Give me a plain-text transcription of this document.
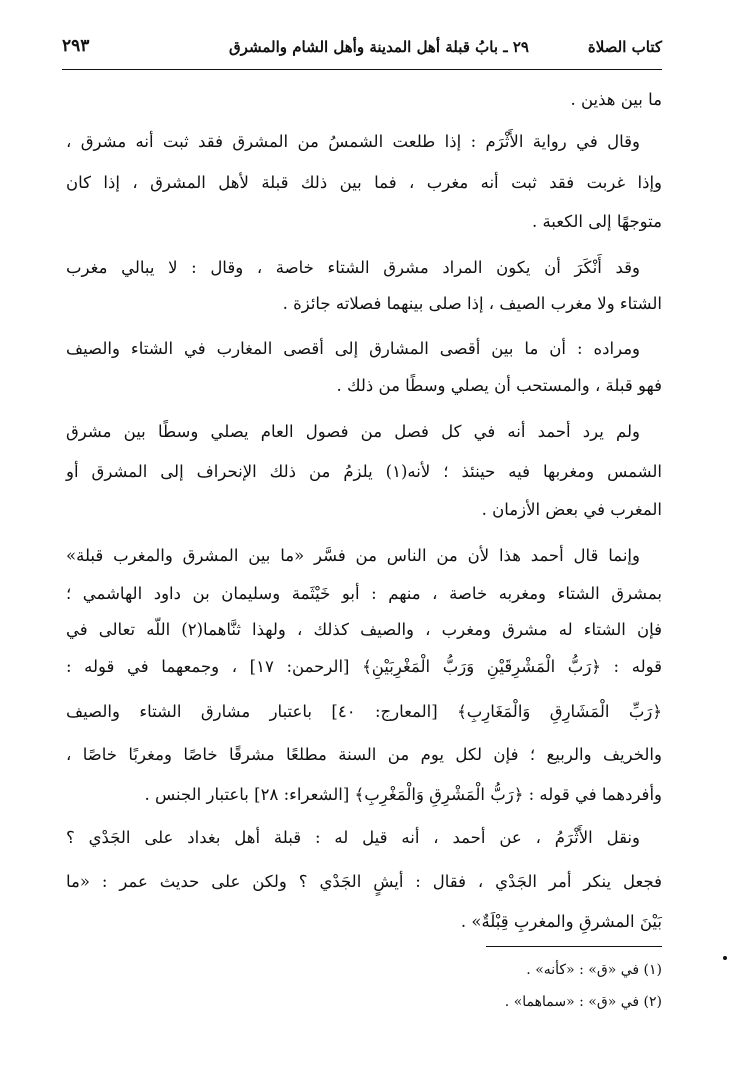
كتاب الصلاة
٢٩ ـ بابُ قبلة أهل المدينة وأهل الشام والمشرق
٢٩٣
ما بين هذين .
وقال في رواية الأَثْرَم : إذا طلعت الشمسُ من المشرق فقد ثبت أنه مشرق ،
وإذا غربت فقد ثبت أنه مغرب ، فما بين ذلك قبلة لأهل المشرق ، إذا كان
متوجهًا إلى الكعبة .
وقد أَنْكَرَ أن يكون المراد مشرق الشتاء خاصة ، وقال : لا يبالي مغرب
الشتاء ولا مغرب الصيف ، إذا صلى بينهما فصلاته جائزة .
ومراده : أن ما بين أقصى المشارق إلى أقصى المغارب في الشتاء والصيف
فهو قبلة ، والمستحب أن يصلي وسطًا من ذلك .
ولم يرد أحمد أنه في كل فصل من فصول العام يصلي وسطًا بين مشرق
الشمس ومغربها فيه حينئذ ؛ لأنه(١) يلزمُ من ذلك الإنحراف إلى المشرق أو
المغرب في بعض الأزمان .
وإنما قال أحمد هذا لأن من الناس من فسَّر «ما بين المشرق والمغرب قبلة»
بمشرق الشتاء ومغربه خاصة ، منهم : أبو خَيْثَمة وسليمان بن داود الهاشمي ؛
فإن الشتاء له مشرق ومغرب ، والصيف كذلك ، ولهذا ثنَّاهما(٢) اللّه تعالى في
قوله : ﴿رَبُّ الْمَشْرِقَيْنِ وَرَبُّ الْمَغْرِبَيْنِ﴾ [الرحمن: ١٧] ، وجمعهما في قوله :
﴿رَبِّ الْمَشَارِقِ وَالْمَغَارِبِ﴾ [المعارج: ٤٠] باعتبار مشارق الشتاء والصيف
والخريف والربيع ؛ فإن لكل يوم من السنة مطلعًا مشرقًا خاصًا ومغربًا خاصًا ،
وأفردهما في قوله : ﴿رَبُّ الْمَشْرِقِ وَالْمَغْرِبِ﴾ [الشعراء: ٢٨] باعتبار الجنس .
ونقل الأَثْرَمُ ، عن أحمد ، أنه قيل له : قبلة أهل بغداد على الجَدْي ؟
فجعل ينكر أمر الجَدْي ، فقال : أيشٍ الجَدْي ؟ ولكن على حديث عمر : «ما
بَيْنَ المشرقِ والمغربِ قِبْلَةٌ» .
(١) في «ق» : «كأنه» .
(٢) في «ق» : «سماهما» .
